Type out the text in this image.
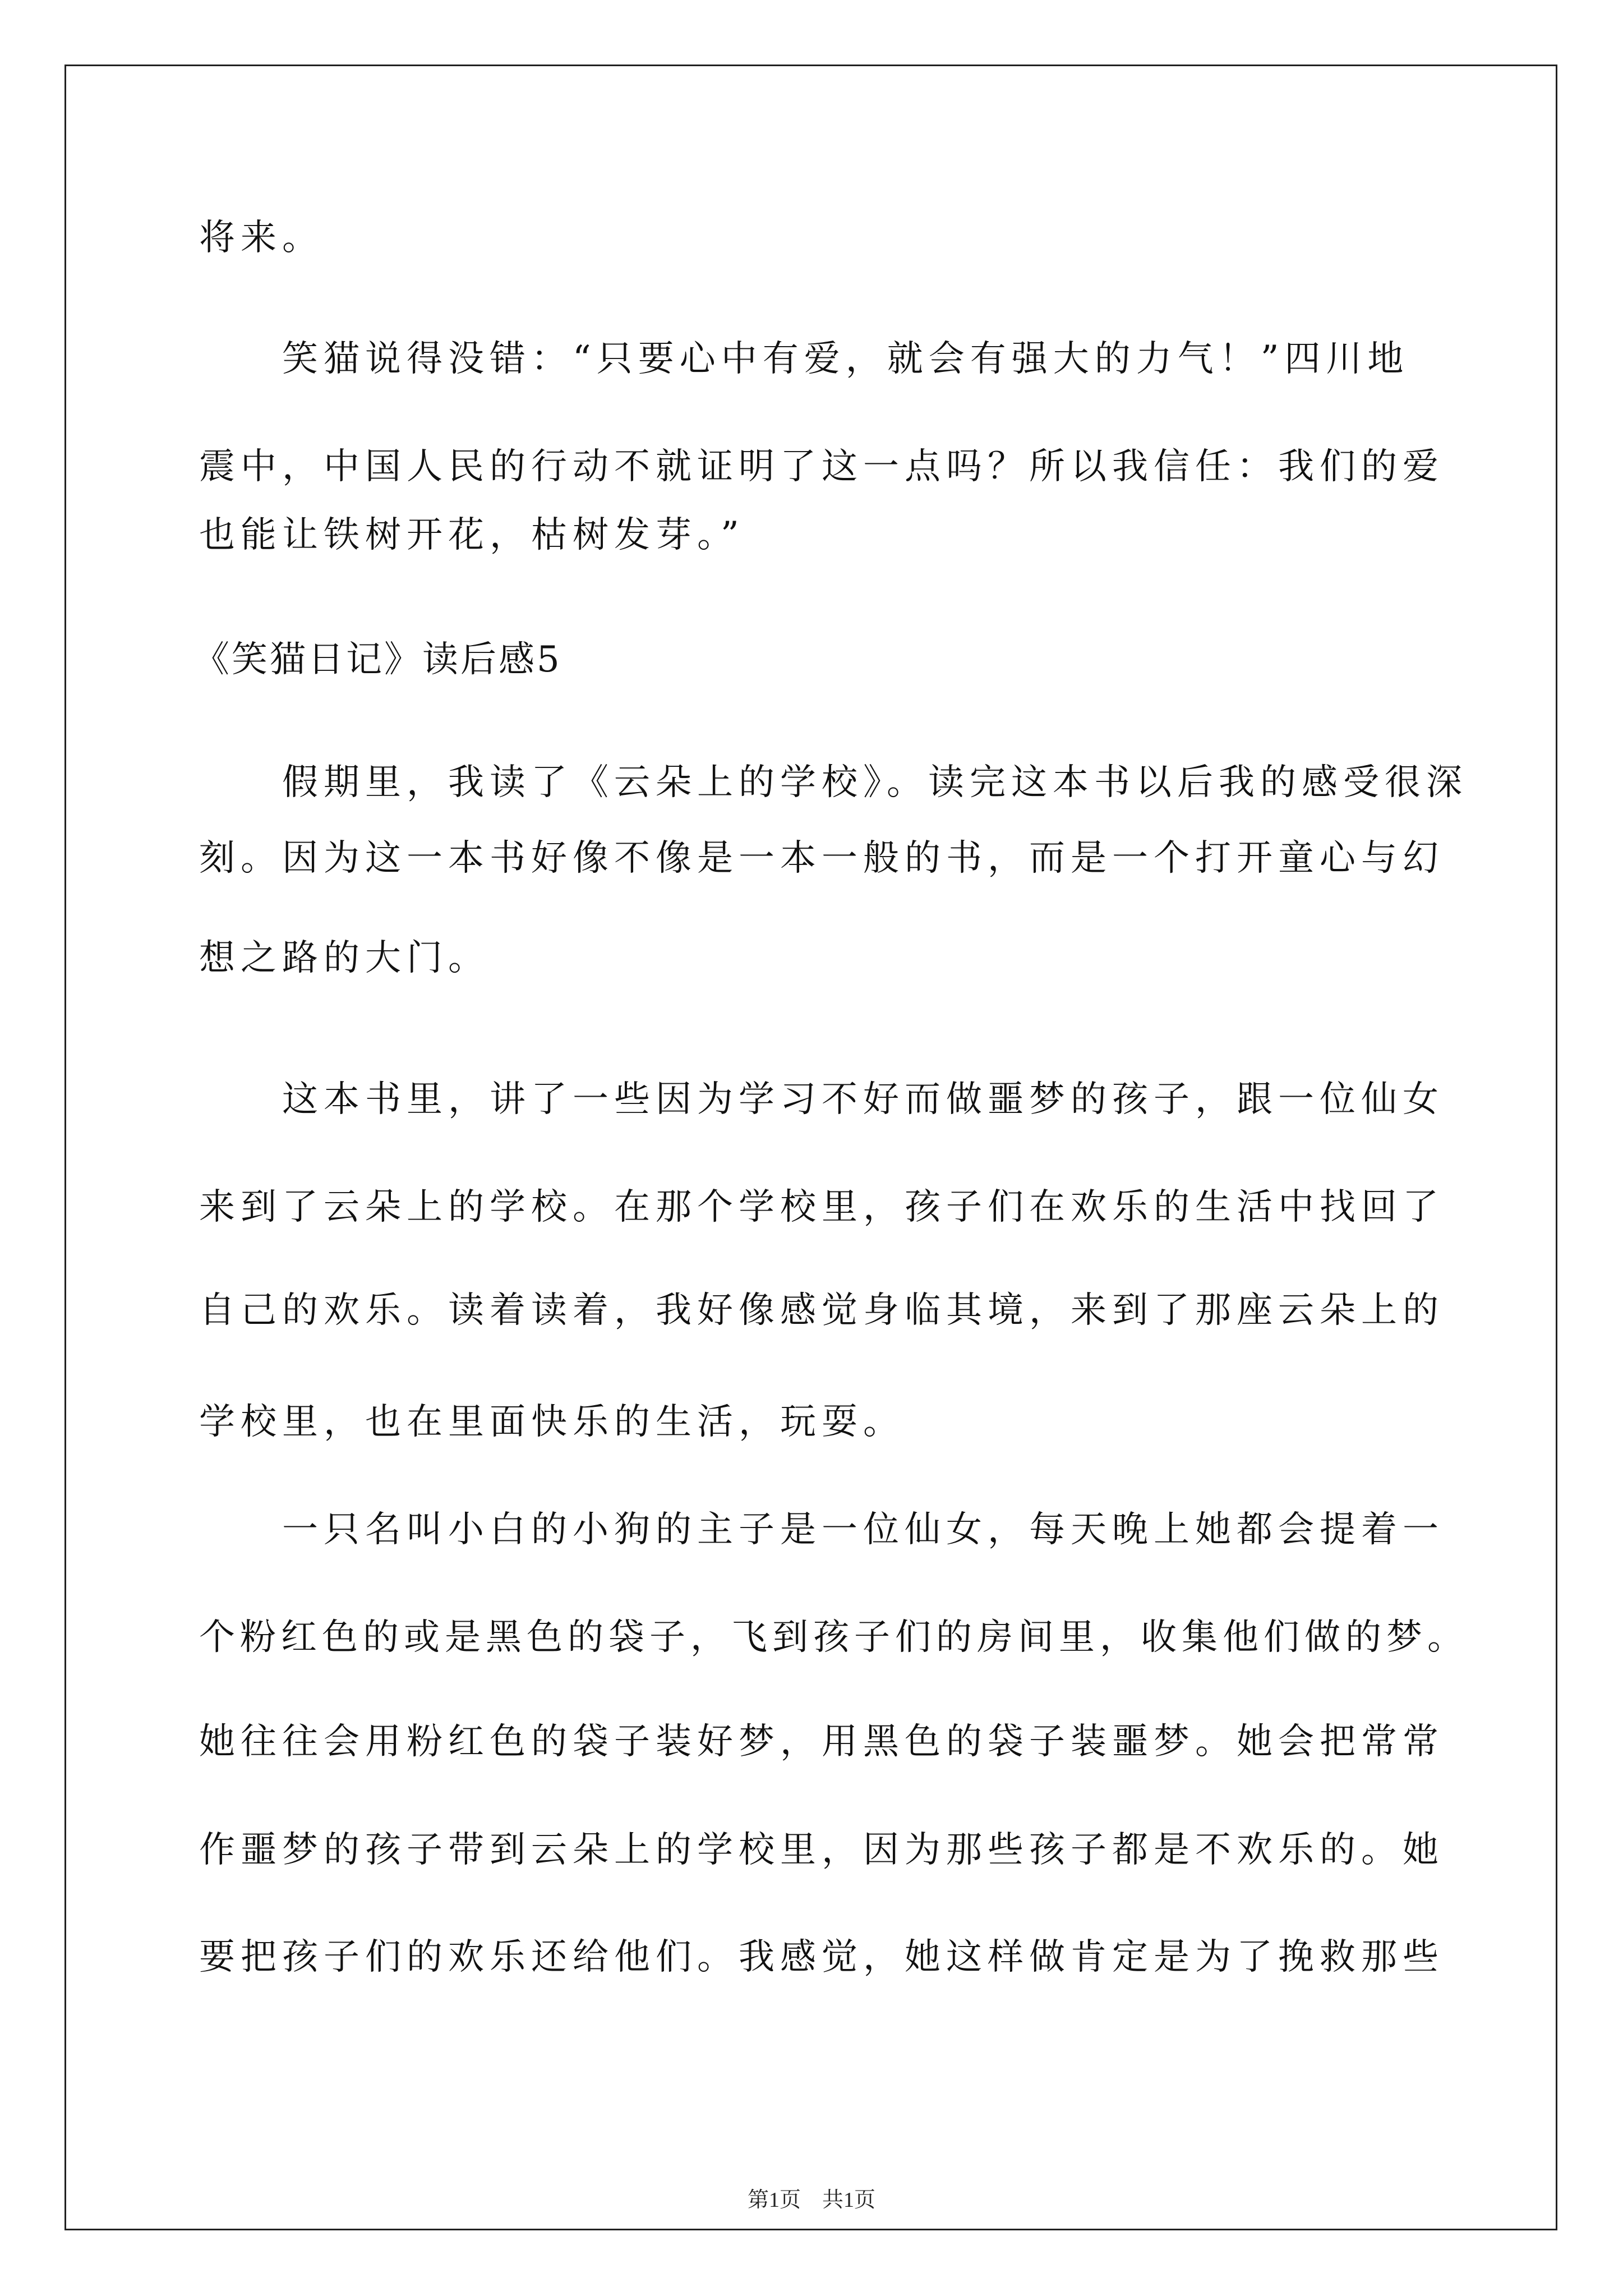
将来。
笑猫说得没错：“只要心中有爱，就会有强大的力气！”四川地
震中，中国人民的行动不就证明了这一点吗？所以我信任：我们的爱
也能让铁树开花，枯树发芽。”
《笑猫日记》读后感5
假期里，我读了《云朵上的学校》。读完这本书以后我的感受很深
刻。因为这一本书好像不像是一本一般的书，而是一个打开童心与幻
想之路的大门。
这本书里，讲了一些因为学习不好而做噩梦的孩子，跟一位仙女
来到了云朵上的学校。在那个学校里，孩子们在欢乐的生活中找回了
自己的欢乐。读着读着，我好像感觉身临其境，来到了那座云朵上的
学校里，也在里面快乐的生活，玩耍。
一只名叫小白的小狗的主子是一位仙女，每天晚上她都会提着一
个粉红色的或是黑色的袋子，飞到孩子们的房间里，收集他们做的梦。
她往往会用粉红色的袋子装好梦，用黑色的袋子装噩梦。她会把常常
作噩梦的孩子带到云朵上的学校里，因为那些孩子都是不欢乐的。她
要把孩子们的欢乐还给他们。我感觉，她这样做肯定是为了挽救那些
第1页　共1页
